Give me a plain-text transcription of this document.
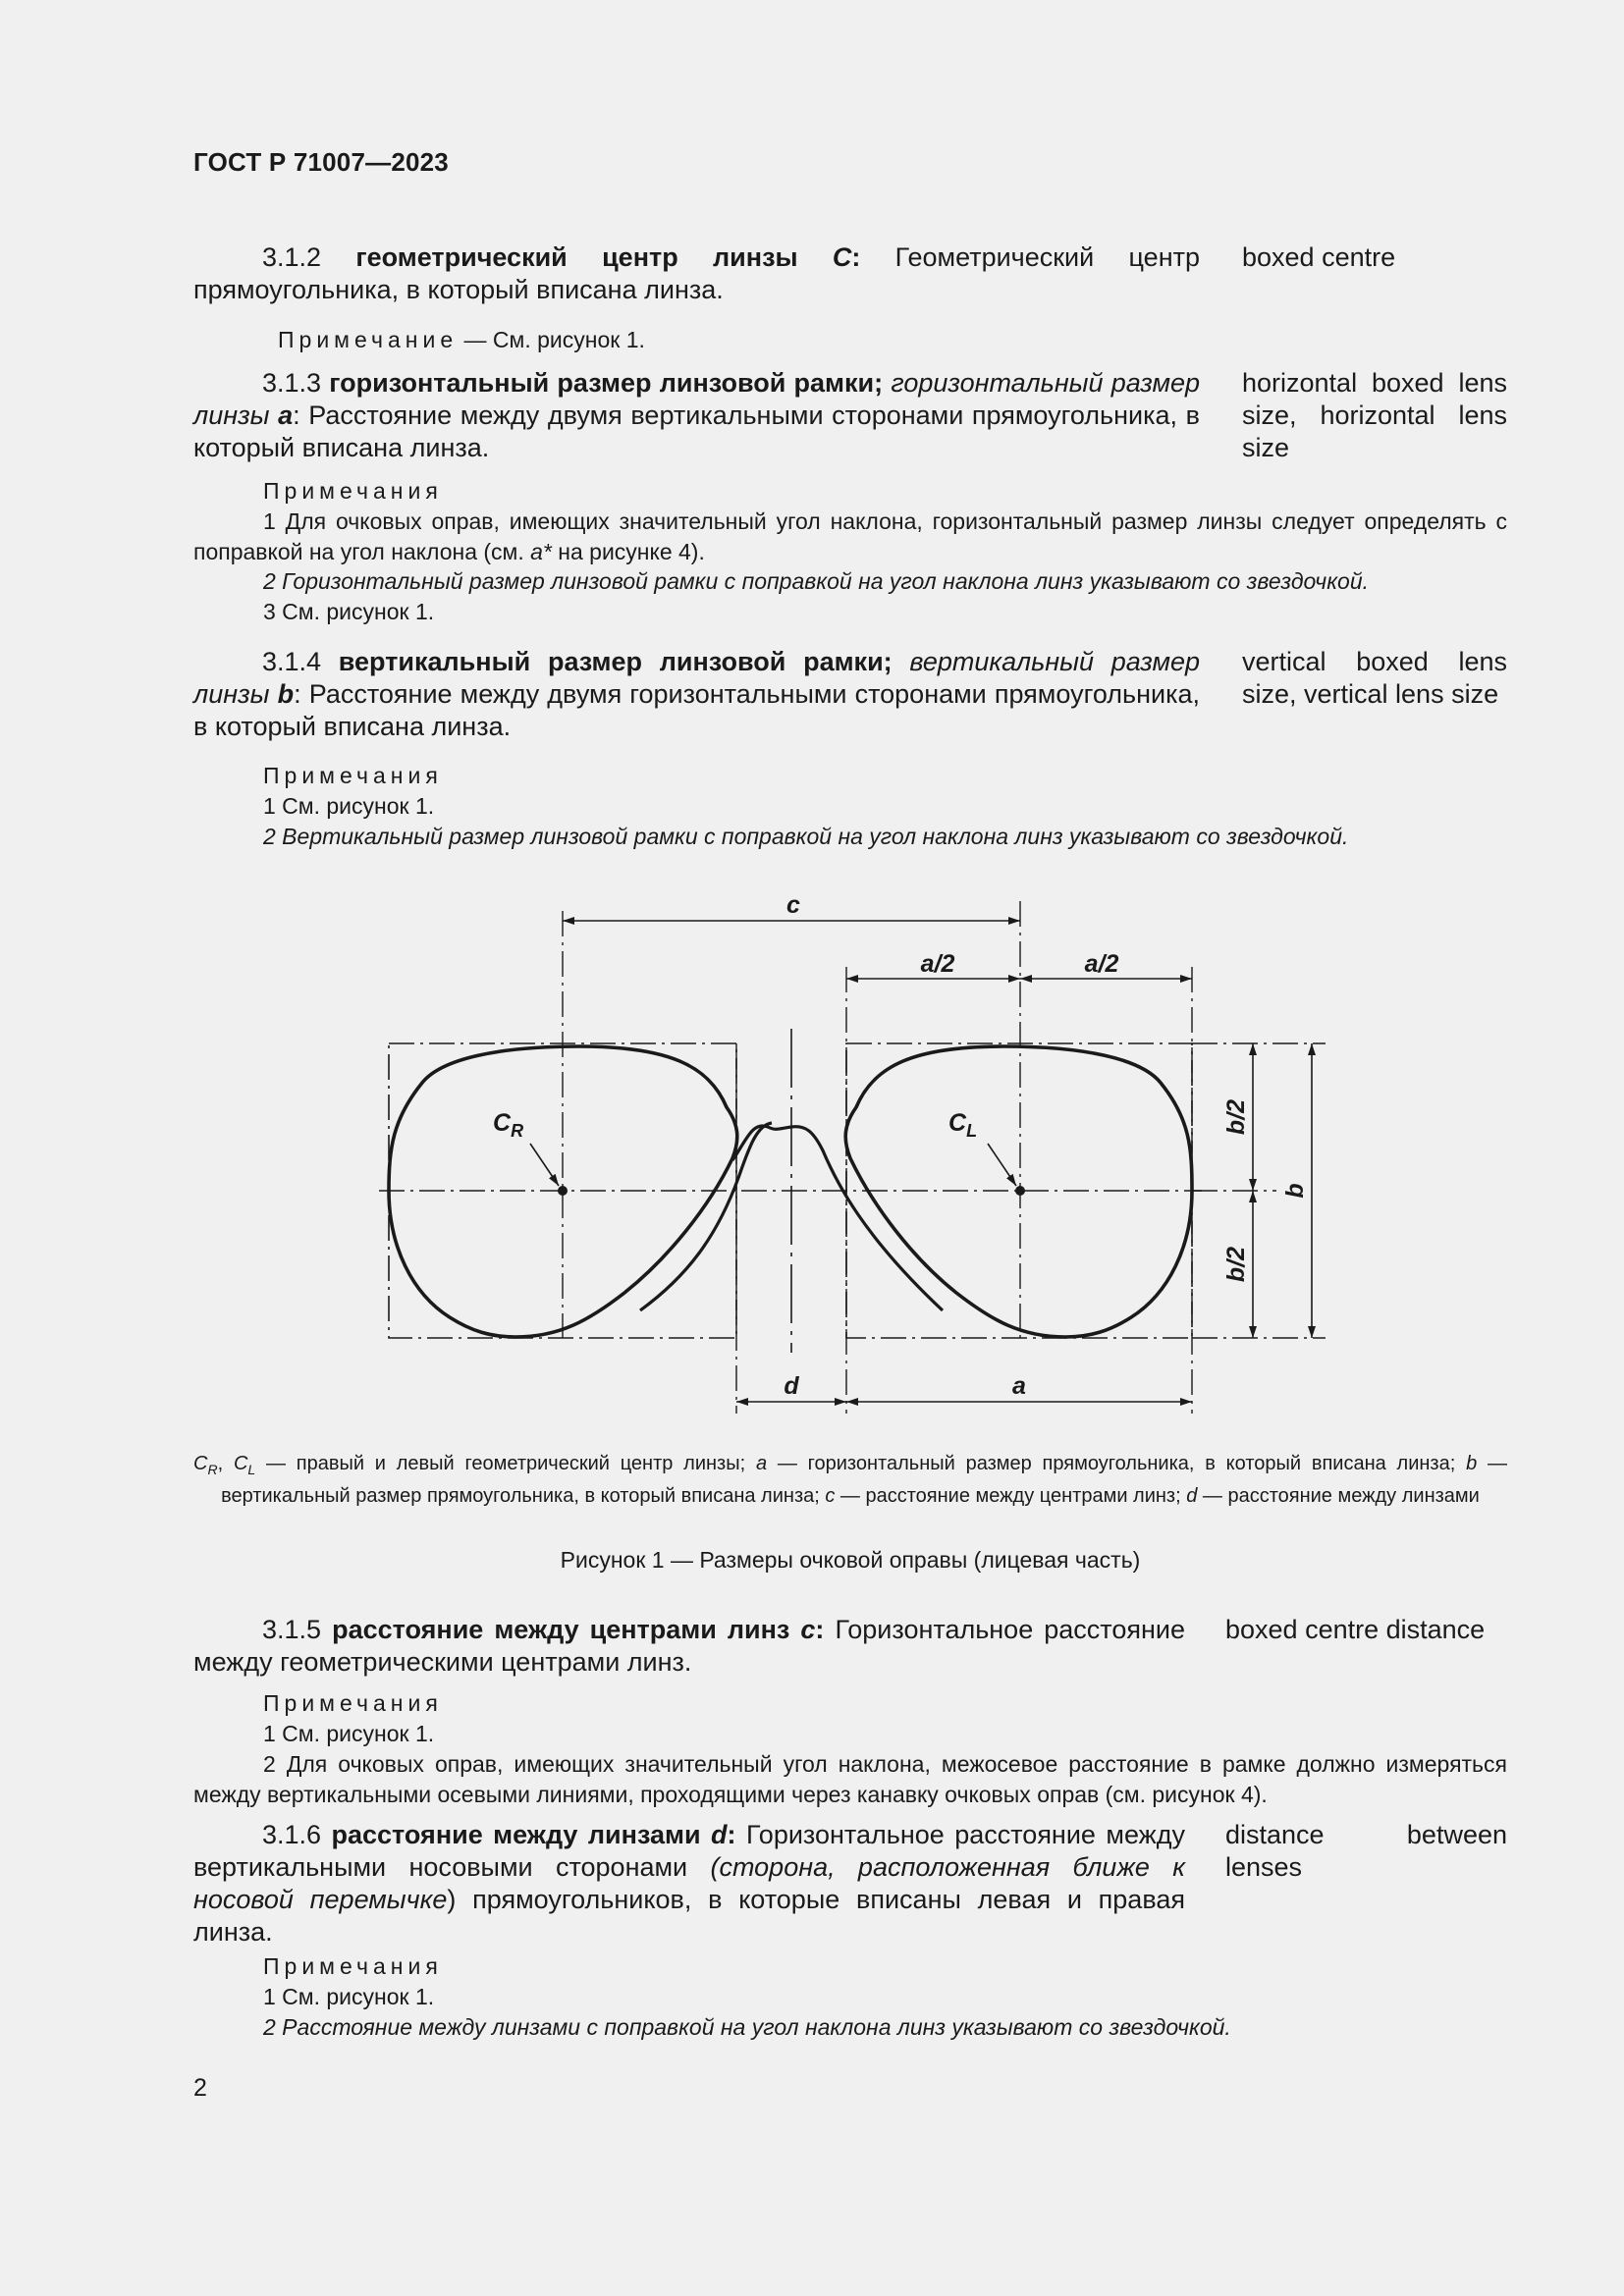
ГОСТ Р 71007—2023
3.1.2 геометрический центр линзы C: Геометрический центр прямоугольника, в который вписана линза.
boxed centre
Примечание — См. рисунок 1.
3.1.3 горизонтальный размер линзовой рамки; горизонтальный размер линзы a: Расстояние между двумя вертикальными сторонами прямоугольника, в который вписана линза.
horizontal boxed lens size, horizontal lens size
Примечания
1 Для очковых оправ, имеющих значительный угол наклона, горизонтальный размер линзы следует определять с поправкой на угол наклона (см. a* на рисунке 4).
2 Горизонтальный размер линзовой рамки с поправкой на угол наклона линз указывают со звездочкой.
3 См. рисунок 1.
3.1.4 вертикальный размер линзовой рамки; вертикальный размер линзы b: Расстояние между двумя горизонтальными сторонами прямоугольника, в который вписана линза.
vertical boxed lens size, vertical lens size
Примечания
1 См. рисунок 1.
2 Вертикальный размер линзовой рамки с поправкой на угол наклона линз указывают со звездочкой.
c
a/2	a/2
$C_R$	$C_L$	b/2
b/2
b
d	a
$C_R$, $C_L$ — правый и левый геометрический центр линзы; a — горизонтальный размер прямоугольника, в который вписана линза; b — вертикальный размер прямоугольника, в который вписана линза; c — расстояние между центрами линз; d — расстояние между линзами
Рисунок 1 — Размеры очковой оправы (лицевая часть)
3.1.5 расстояние между центрами линз c: Горизонтальное расстояние между геометрическими центрами линз.
boxed centre distance
Примечания
1 См. рисунок 1.
2 Для очковых оправ, имеющих значительный угол наклона, межосевое расстояние в рамке должно измеряться между вертикальными осевыми линиями, проходящими через канавку очковых оправ (см. рисунок 4).
3.1.6 расстояние между линзами d: Горизонтальное расстояние между вертикальными носовыми сторонами (сторона, расположенная ближе к носовой перемычке) прямоугольников, в которые вписаны левая и правая линза.
distance between lenses
Примечания
1 См. рисунок 1.
2 Расстояние между линзами с поправкой на угол наклона линз указывают со звездочкой.
2
